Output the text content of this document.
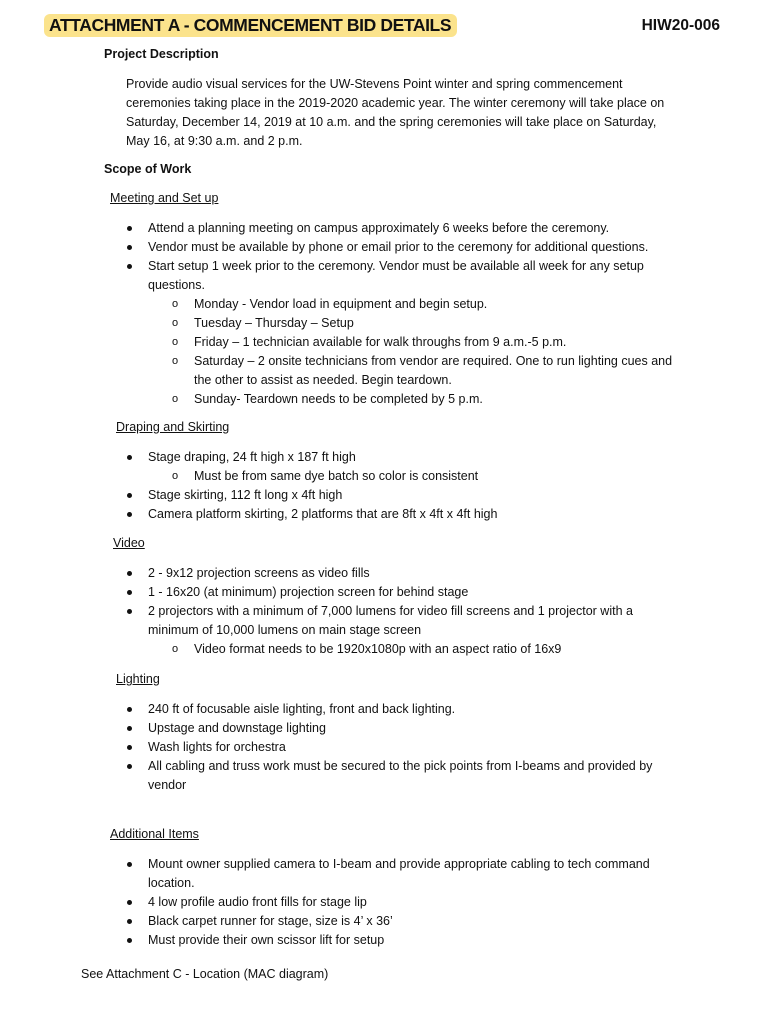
ATTACHMENT A - COMMENCEMENT BID DETAILS	HIW20-006
Project Description
Provide audio visual services for the UW-Stevens Point winter and spring commencement
ceremonies taking place in the 2019-2020 academic year. The winter ceremony will take place on
Saturday, December 14, 2019 at 10 a.m. and the spring ceremonies will take place on Saturday,
May 16, at 9:30 a.m. and 2 p.m.
Scope of Work
Meeting and Set up
Attend a planning meeting on campus approximately 6 weeks before the ceremony.
Vendor must be available by phone or email prior to the ceremony for additional questions.
Start setup 1 week prior to the ceremony. Vendor must be available all week for any setup
questions.
o Monday - Vendor load in equipment and begin setup.
o Tuesday – Thursday – Setup
o Friday – 1 technician available for walk throughs from 9 a.m.-5 p.m.
o Saturday – 2 onsite technicians from vendor are required. One to run lighting cues and
the other to assist as needed. Begin teardown.
o Sunday- Teardown needs to be completed by 5 p.m.
Draping and Skirting
Stage draping, 24 ft high x 187 ft high
o Must be from same dye batch so color is consistent
Stage skirting, 112 ft long x 4ft high
Camera platform skirting, 2 platforms that are 8ft x 4ft x 4ft high
Video
2 - 9x12 projection screens as video fills
1 - 16x20 (at minimum) projection screen for behind stage
2 projectors with a minimum of 7,000 lumens for video fill screens and 1 projector with a
minimum of 10,000 lumens on main stage screen
o Video format needs to be 1920x1080p with an aspect ratio of 16x9
Lighting
240 ft of focusable aisle lighting, front and back lighting.
Upstage and downstage lighting
Wash lights for orchestra
All cabling and truss work must be secured to the pick points from I-beams and provided by
vendor
Additional Items
Mount owner supplied camera to I-beam and provide appropriate cabling to tech command
location.
4 low profile audio front fills for stage lip
Black carpet runner for stage, size is 4’ x 36’
Must provide their own scissor lift for setup
See Attachment C - Location (MAC diagram)
